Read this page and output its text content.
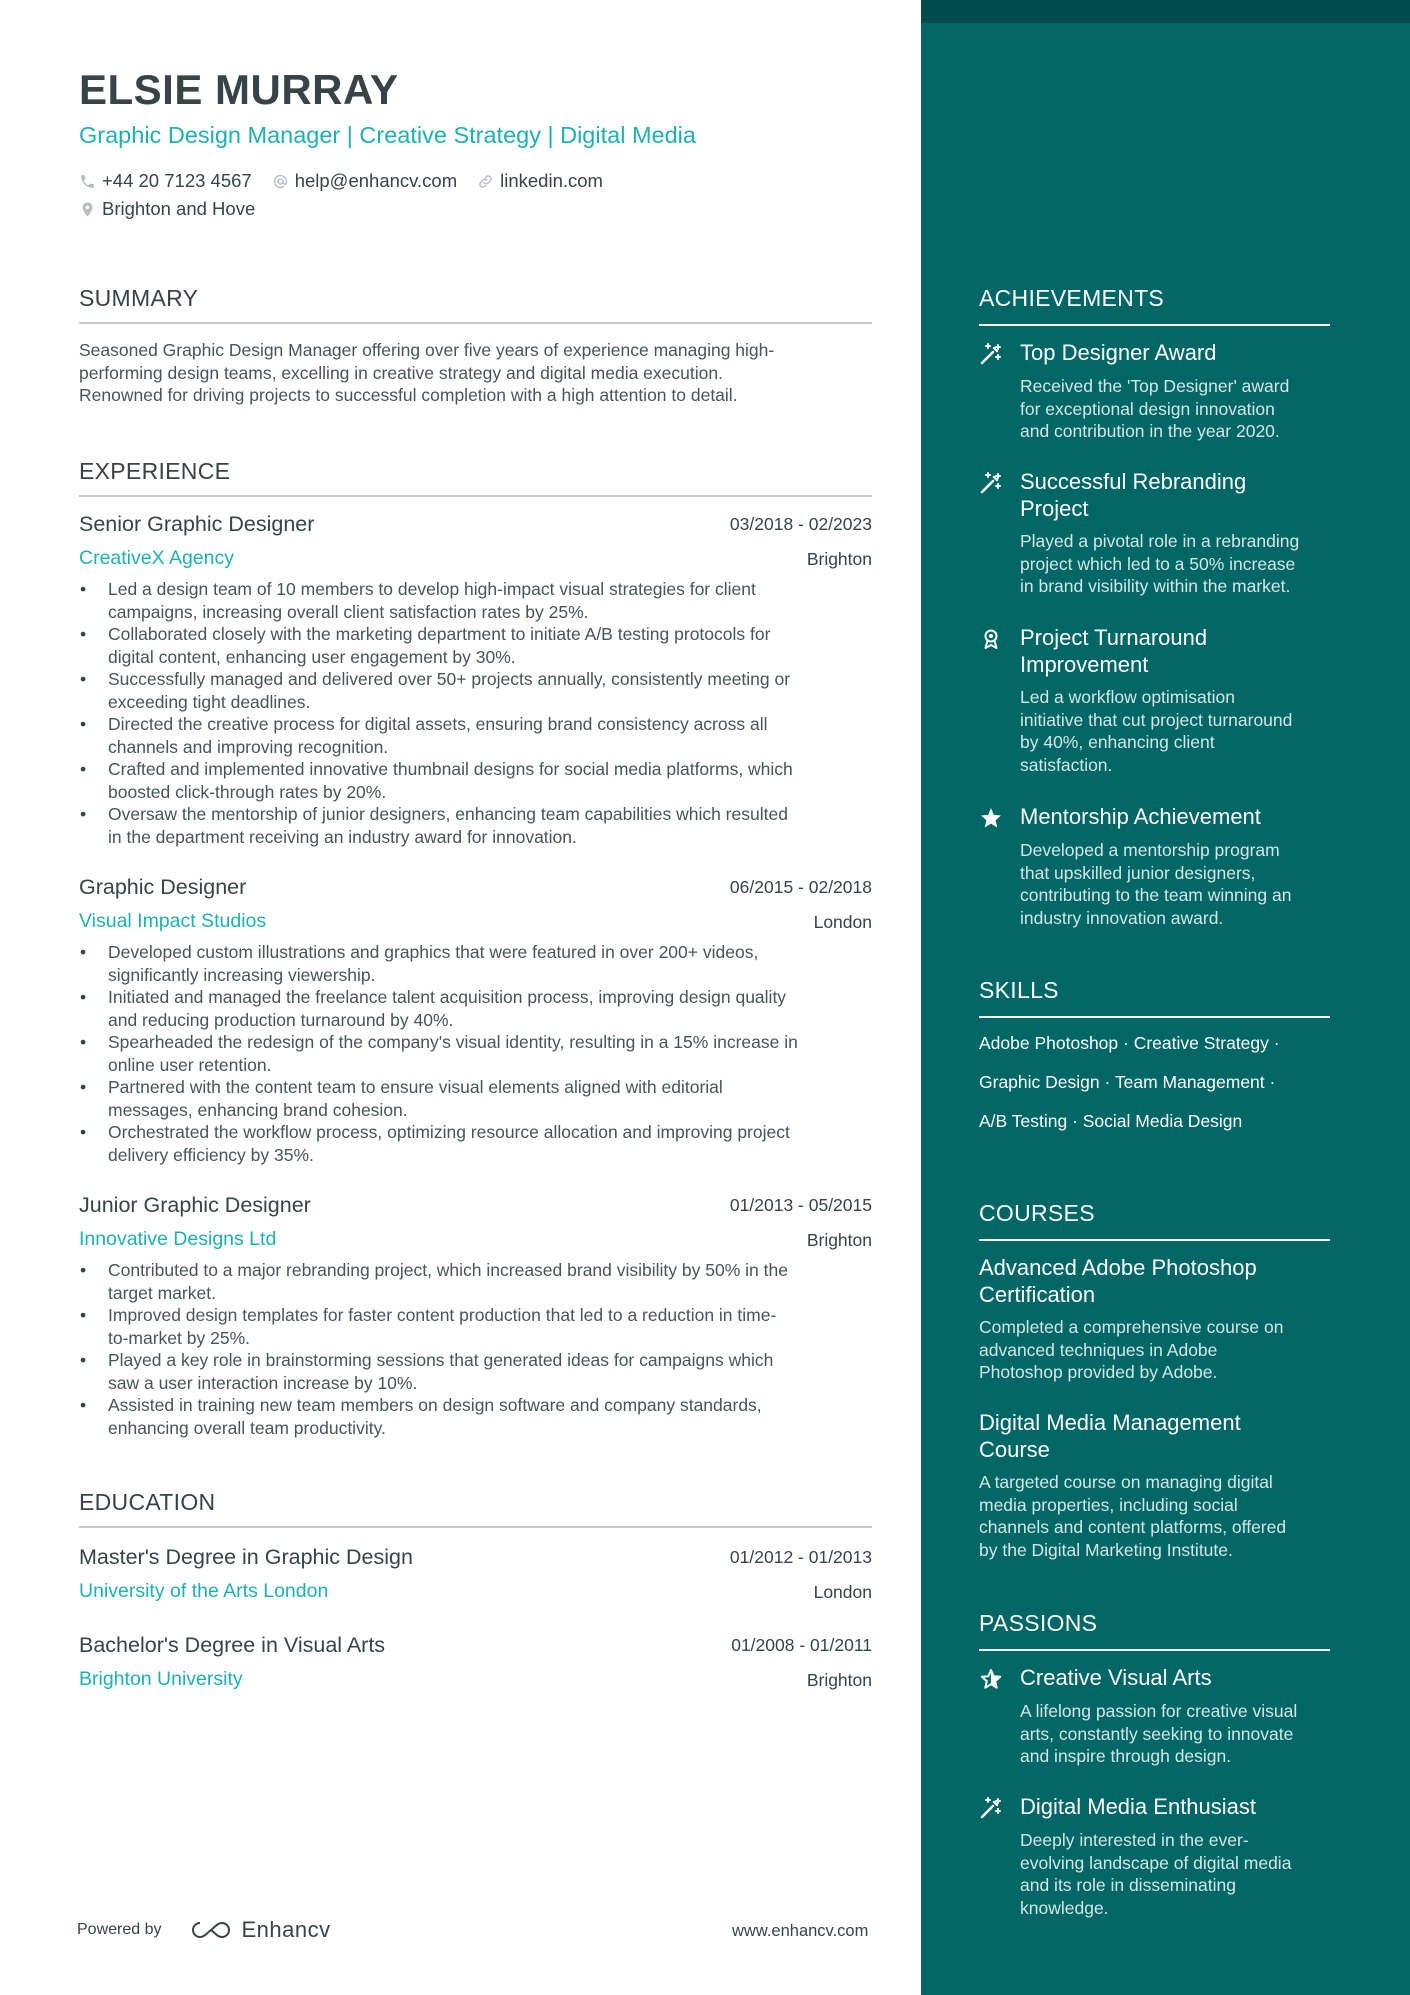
ELSIE MURRAY
Graphic Design Manager | Creative Strategy | Digital Media
+44 20 7123 4567 help@enhancv.com linkedin.com
Brighton and Hove
SUMMARY
Seasoned Graphic Design Manager offering over five years of experience managing high-
performing design teams, excelling in creative strategy and digital media execution.
Renowned for driving projects to successful completion with a high attention to detail.
EXPERIENCE
Senior Graphic Designer	03/2018 - 02/2023
CreativeX Agency	Brighton
• Led a design team of 10 members to develop high-impact visual strategies for client
campaigns, increasing overall client satisfaction rates by 25%.
• Collaborated closely with the marketing department to initiate A/B testing protocols for
digital content, enhancing user engagement by 30%.
• Successfully managed and delivered over 50+ projects annually, consistently meeting or
exceeding tight deadlines.
• Directed the creative process for digital assets, ensuring brand consistency across all
channels and improving recognition.
• Crafted and implemented innovative thumbnail designs for social media platforms, which
boosted click-through rates by 20%.
• Oversaw the mentorship of junior designers, enhancing team capabilities which resulted
in the department receiving an industry award for innovation.
Graphic Designer	06/2015 - 02/2018
Visual Impact Studios	London
• Developed custom illustrations and graphics that were featured in over 200+ videos,
significantly increasing viewership.
• Initiated and managed the freelance talent acquisition process, improving design quality
and reducing production turnaround by 40%.
• Spearheaded the redesign of the company's visual identity, resulting in a 15% increase in
online user retention.
• Partnered with the content team to ensure visual elements aligned with editorial
messages, enhancing brand cohesion.
• Orchestrated the workflow process, optimizing resource allocation and improving project
delivery efficiency by 35%.
Junior Graphic Designer	01/2013 - 05/2015
Innovative Designs Ltd	Brighton
• Contributed to a major rebranding project, which increased brand visibility by 50% in the
target market.
• Improved design templates for faster content production that led to a reduction in time-
to-market by 25%.
• Played a key role in brainstorming sessions that generated ideas for campaigns which
saw a user interaction increase by 10%.
• Assisted in training new team members on design software and company standards,
enhancing overall team productivity.
EDUCATION
Master's Degree in Graphic Design	01/2012 - 01/2013
University of the Arts London	London
Bachelor's Degree in Visual Arts	01/2008 - 01/2011
Brighton University	Brighton
Powered by	Enhancv	www.enhancv.com
ACHIEVEMENTS
Top Designer Award
Received the 'Top Designer' award
for exceptional design innovation
and contribution in the year 2020.
Successful Rebranding
Project
Played a pivotal role in a rebranding
project which led to a 50% increase
in brand visibility within the market.
Project Turnaround
Improvement
Led a workflow optimisation
initiative that cut project turnaround
by 40%, enhancing client
satisfaction.
Mentorship Achievement
Developed a mentorship program
that upskilled junior designers,
contributing to the team winning an
industry innovation award.
SKILLS
Adobe Photoshop · Creative Strategy ·
Graphic Design · Team Management ·
A/B Testing · Social Media Design
COURSES
Advanced Adobe Photoshop
Certification
Completed a comprehensive course on
advanced techniques in Adobe
Photoshop provided by Adobe.
Digital Media Management
Course
A targeted course on managing digital
media properties, including social
channels and content platforms, offered
by the Digital Marketing Institute.
PASSIONS
Creative Visual Arts
A lifelong passion for creative visual
arts, constantly seeking to innovate
and inspire through design.
Digital Media Enthusiast
Deeply interested in the ever-
evolving landscape of digital media
and its role in disseminating
knowledge.
